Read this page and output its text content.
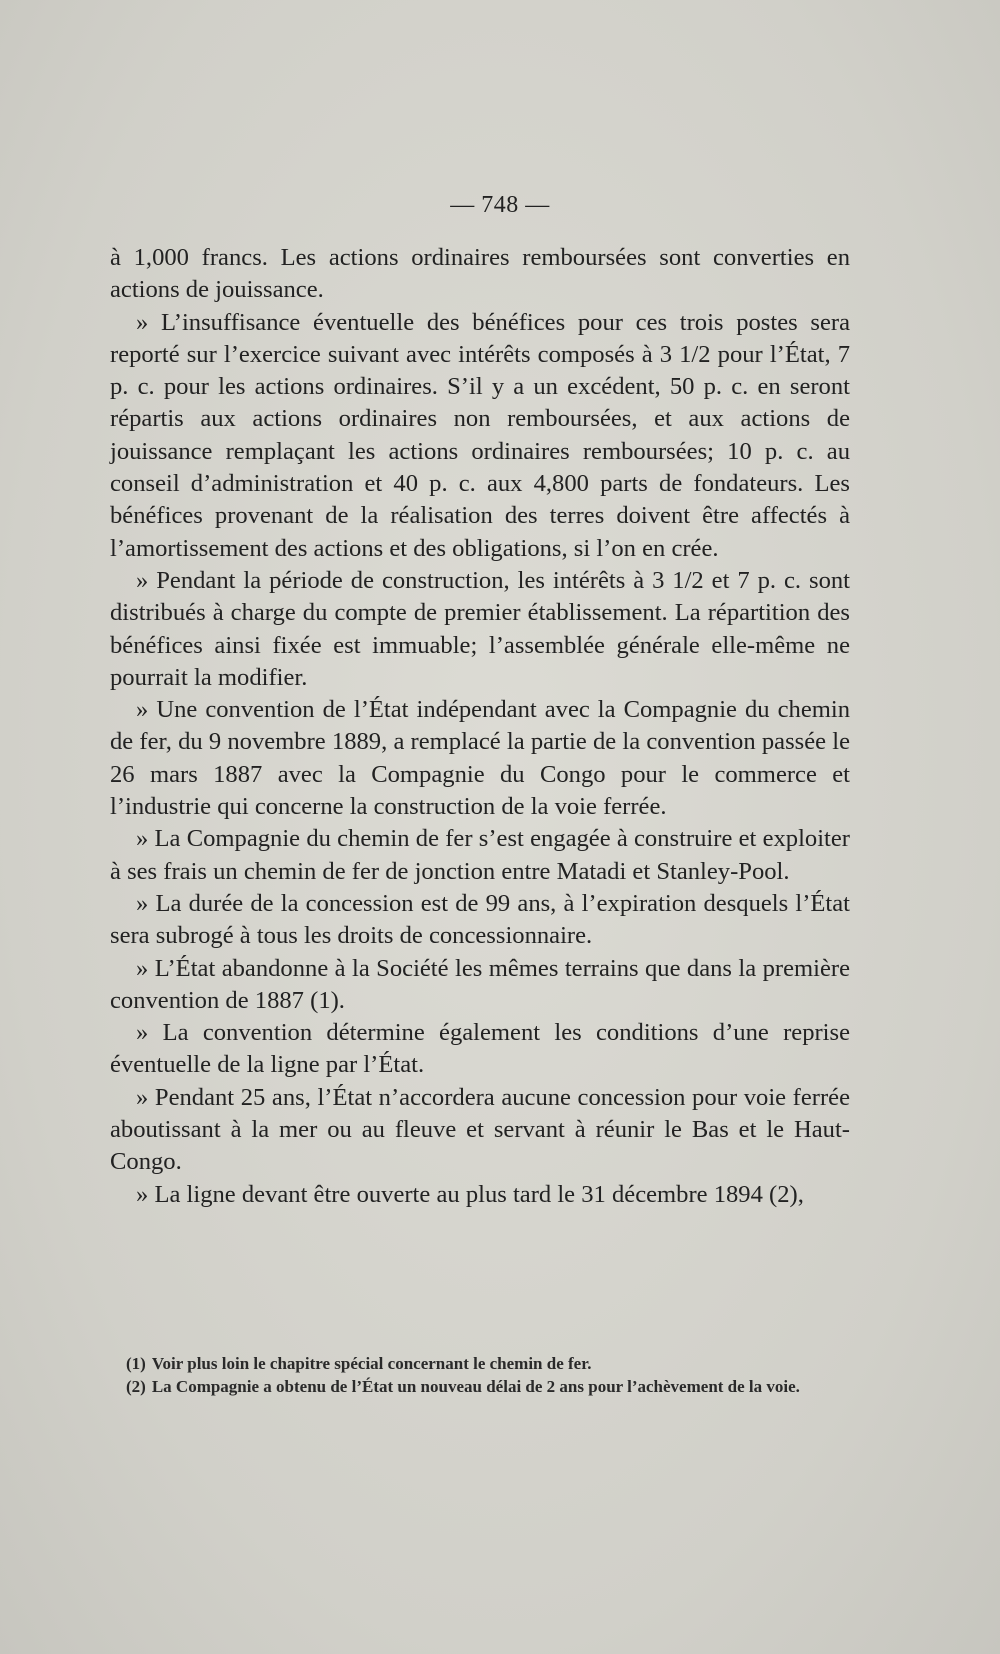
— 748 —

à 1,000 francs. Les actions ordinaires remboursées sont converties en actions de jouissance.

» L’insuffisance éventuelle des bénéfices pour ces trois postes sera reporté sur l’exercice suivant avec intérêts composés à 3 1/2 pour l’État, 7 p. c. pour les actions ordinaires. S’il y a un excédent, 50 p. c. en seront répartis aux actions ordinaires non remboursées, et aux actions de jouissance remplaçant les actions ordinaires remboursées; 10 p. c. au conseil d’administration et 40 p. c. aux 4,800 parts de fondateurs. Les bénéfices provenant de la réalisation des terres doivent être affectés à l’amortissement des actions et des obligations, si l’on en crée.

» Pendant la période de construction, les intérêts à 3 1/2 et 7 p. c. sont distribués à charge du compte de premier établissement. La répartition des bénéfices ainsi fixée est immuable; l’assemblée générale elle-même ne pourrait la modifier.

» Une convention de l’État indépendant avec la Compagnie du chemin de fer, du 9 novembre 1889, a remplacé la partie de la convention passée le 26 mars 1887 avec la Compagnie du Congo pour le commerce et l’industrie qui concerne la construction de la voie ferrée.

» La Compagnie du chemin de fer s’est engagée à construire et exploiter à ses frais un chemin de fer de jonction entre Matadi et Stanley-Pool.

» La durée de la concession est de 99 ans, à l’expiration desquels l’État sera subrogé à tous les droits de concessionnaire.

» L’État abandonne à la Société les mêmes terrains que dans la première convention de 1887 (1).

» La convention détermine également les conditions d’une reprise éventuelle de la ligne par l’État.

» Pendant 25 ans, l’État n’accordera aucune concession pour voie ferrée aboutissant à la mer ou au fleuve et servant à réunir le Bas et le Haut-Congo.

» La ligne devant être ouverte au plus tard le 31 décembre 1894 (2),

(1) Voir plus loin le chapitre spécial concernant le chemin de fer.

(2) La Compagnie a obtenu de l’État un nouveau délai de 2 ans pour l’achèvement de la voie.
